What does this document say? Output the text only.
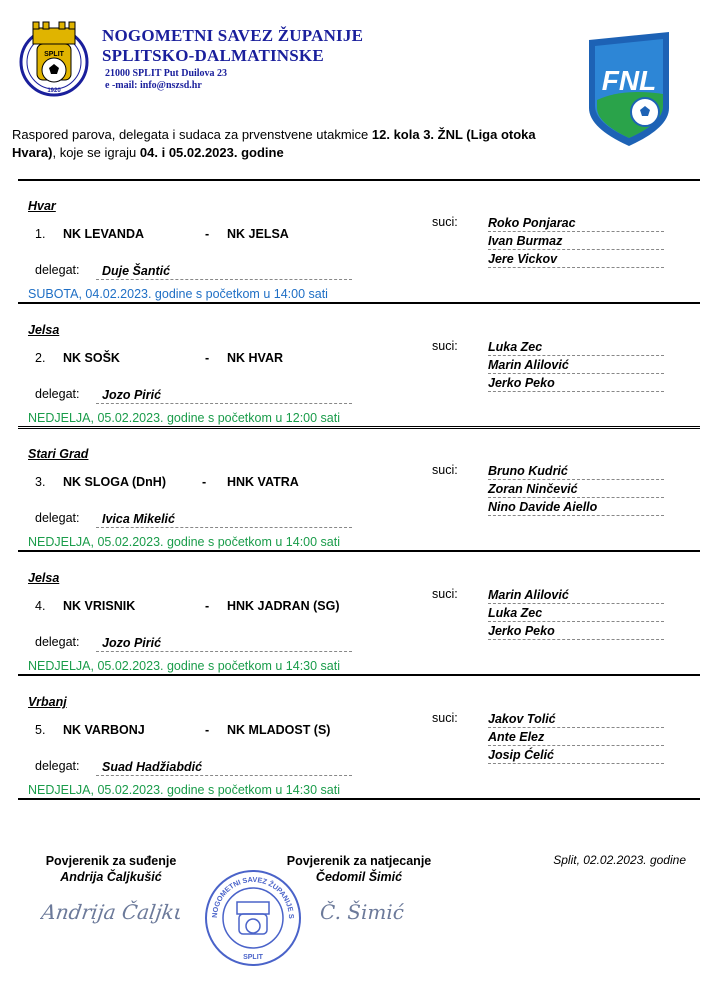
SPLIT
1920
NOGOMETNI SAVEZ ŽUPANIJE
SPLITSKO-DALMATINSKE
21000 SPLIT Put Duilova 23
e -mail: info@nszsd.hr	FNL
Raspored parova, delegata i sudaca za prvenstvene utakmice 12. kola 3. ŽNL (Liga otoka Hvara), koje se igraju 04. i 05.02.2023. godine
Hvar
1. NK LEVANDA	- NK JELSA
suci: Roko Ponjarac
Ivan Burmaz
Jere Vickov
delegat:	Duje Šantić
SUBOTA, 04.02.2023. godine s početkom u 14:00 sati
Jelsa
2. NK SOŠK	- NK HVAR
suci: Luka Zec
Marin Alilović
Jerko Peko
delegat:	Jozo Pirić
NEDJELJA, 05.02.2023. godine s početkom u 12:00 sati
Stari Grad
3. NK SLOGA (DnH)	- HNK VATRA
suci: Bruno Kudrić
Zoran Ninčević
Nino Davide Aiello
delegat:	Ivica Mikelić
NEDJELJA, 05.02.2023. godine s početkom u 14:00 sati
Jelsa
4. NK VRISNIK	- HNK JADRAN (SG)
suci: Marin Alilović
Luka Zec
Jerko Peko
delegat:	Jozo Pirić
NEDJELJA, 05.02.2023. godine s početkom u 14:30 sati
Vrbanj
5. NK VARBONJ	- NK MLADOST (S)
suci: Jakov Tolić
Ante Elez
Josip Ćelić
delegat:	Suad Hadžiabdić
NEDJELJA, 05.02.2023. godine s početkom u 14:30 sati
Povjerenik za suđenje
Andrija Čaljkušić
Andrija Čaljkušić
Povjerenik za natjecanje
Čedomil Šimić
Č. Šimić
NOGOMETNI SAVEZ ŽUPANIJE S
SPLIT
Split, 02.02.2023. godine
